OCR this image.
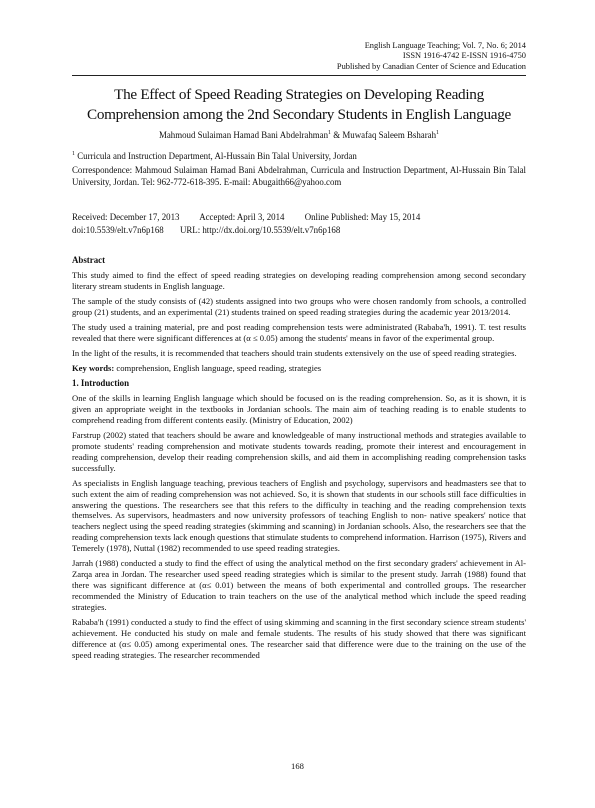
English Language Teaching; Vol. 7, No. 6; 2014
ISSN 1916-4742 E-ISSN 1916-4750
Published by Canadian Center of Science and Education
The Effect of Speed Reading Strategies on Developing Reading
Comprehension among the 2nd Secondary Students in English Language
Mahmoud Sulaiman Hamad Bani Abdelrahman$^1$ & Muwafaq Saleem Bsharah$^1$
$^1$ Curricula and Instruction Department, Al-Hussain Bin Talal University, Jordan
Correspondence: Mahmoud Sulaiman Hamad Bani Abdelrahman, Curricula and Instruction Department, Al-Hussain Bin Talal University, Jordan. Tel: 962-772-618-395. E-mail: Abugaith66@yahoo.com
Received: December 17, 2013 Accepted: April 3, 2014 Online Published: May 15, 2014
doi:10.5539/elt.v7n6p168 URL: http://dx.doi.org/10.5539/elt.v7n6p168
Abstract

This study aimed to find the effect of speed reading strategies on developing reading comprehension among second secondary literary stream students in English language.

The sample of the study consists of (42) students assigned into two groups who were chosen randomly from schools, a controlled group (21) students, and an experimental (21) students trained on speed reading strategies during the academic year 2013/2014.

The study used a training material, pre and post reading comprehension tests were administrated (Rababa'h, 1991). T. test results revealed that there were significant differences at (α ≤ 0.05) among the students' means in favor of the experimental group.

In the light of the results, it is recommended that teachers should train students extensively on the use of speed reading strategies.

Key words: comprehension, English language, speed reading, strategies

1. Introduction

One of the skills in learning English language which should be focused on is the reading comprehension. So, as it is shown, it is given an appropriate weight in the textbooks in Jordanian schools. The main aim of teaching reading is to enable students to comprehend reading from different contents easily. (Ministry of Education, 2002)

Farstrup (2002) stated that teachers should be aware and knowledgeable of many instructional methods and strategies available to promote students' reading comprehension and motivate students towards reading, promote their interest and encouragement in reading comprehension, develop their reading comprehension skills, and aid them in accomplishing reading comprehension tasks successfully.

As specialists in English language teaching, previous teachers of English and psychology, supervisors and headmasters see that to such extent the aim of reading comprehension was not achieved. So, it is shown that students in our schools still face difficulties in answering the questions. The researchers see that this refers to the difficulty in teaching and the reading comprehension texts themselves. As supervisors, headmasters and now university professors of teaching English to non- native speakers' notice that teachers neglect using the speed reading strategies (skimming and scanning) in Jordanian schools. Also, the researchers see that the reading comprehension texts lack enough questions that stimulate students to comprehend information. Harrison (1975), Rivers and Temerely (1978), Nuttal (1982) recommended to use speed reading strategies.

Jarrah (1988) conducted a study to find the effect of using the analytical method on the first secondary graders' achievement in Al-Zarqa area in Jordan. The researcher used speed reading strategies which is similar to the present study. Jarrah (1988) found that there was significant difference at (α≤ 0.01) between the means of both experimental and controlled groups. The researcher recommended the Ministry of Education to train teachers on the use of the analytical method which include the speed reading strategies.

Rababa'h (1991) conducted a study to find the effect of using skimming and scanning in the first secondary science stream students' achievement. He conducted his study on male and female students. The results of his study showed that there was significant difference at (α≤ 0.05) among experimental ones. The researcher said that difference were due to the training on the use of the speed reading strategies. The researcher recommended

168
